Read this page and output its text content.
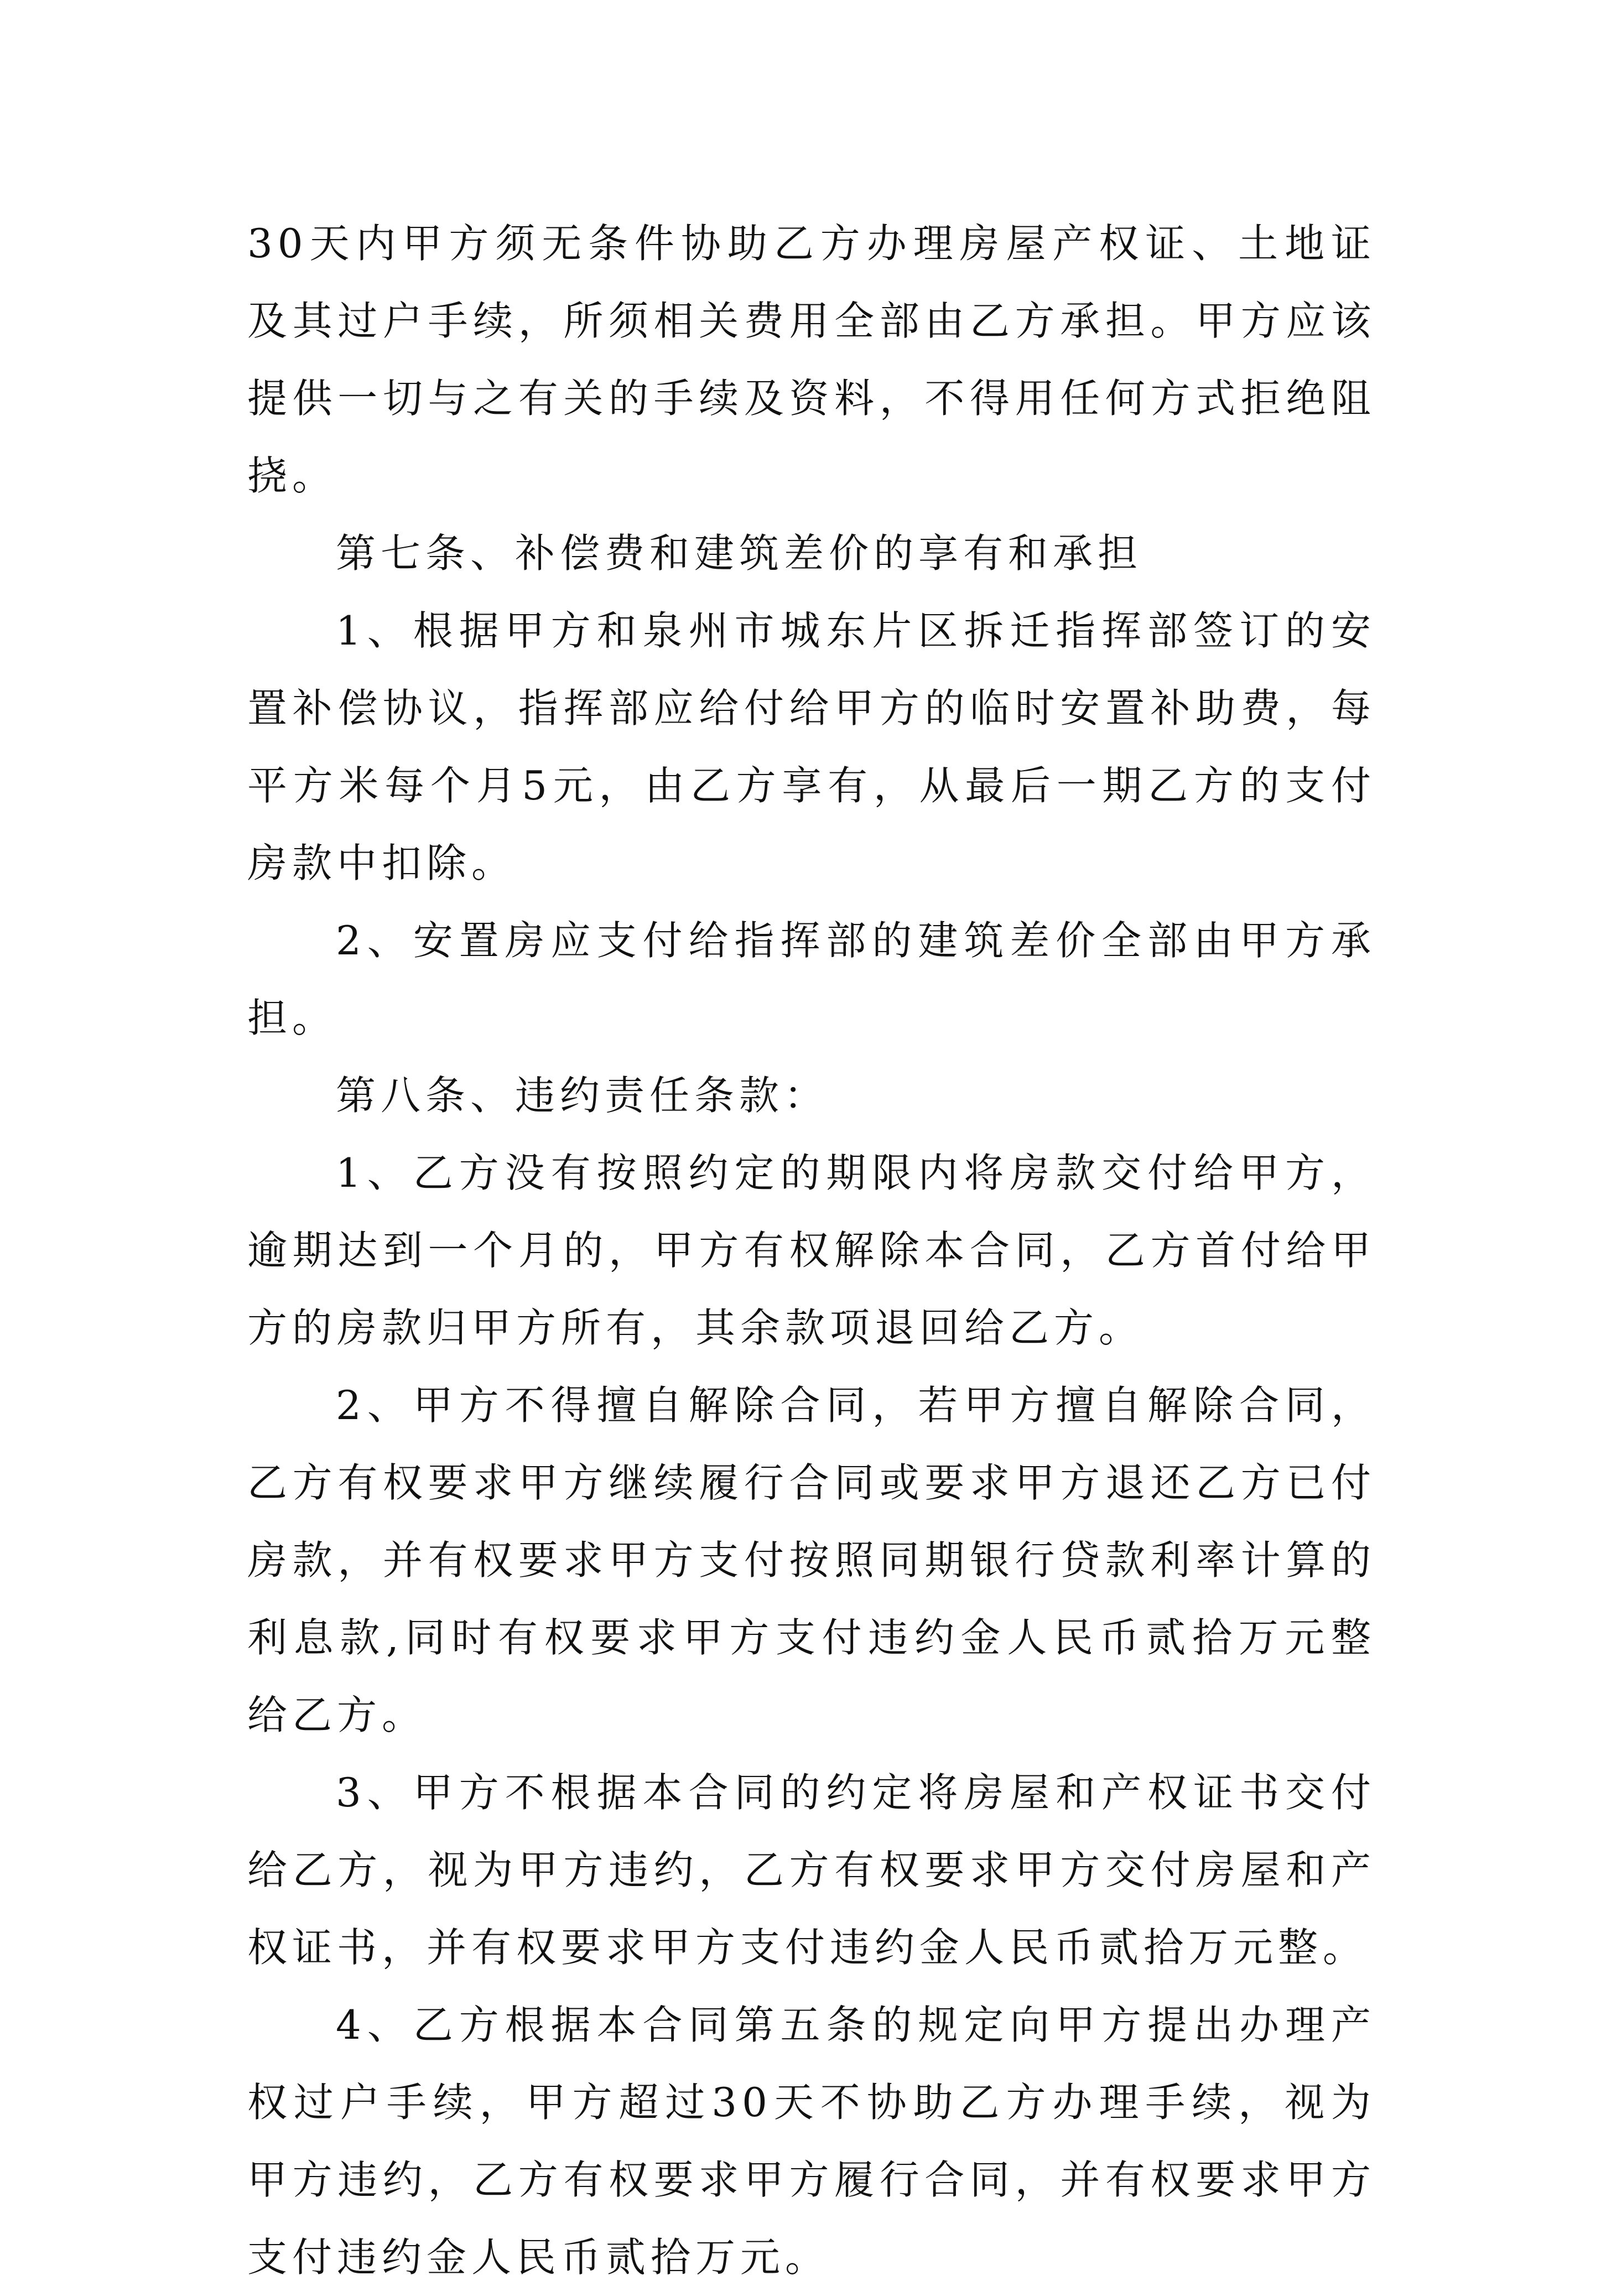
30天内甲方须无条件协助乙方办理房屋产权证、土地证及其过户手续，所须相关费用全部由乙方承担。甲方应该提供一切与之有关的手续及资料，不得用任何方式拒绝阻挠。

第七条、补偿费和建筑差价的享有和承担

1、根据甲方和泉州市城东片区拆迁指挥部签订的安置补偿协议，指挥部应给付给甲方的临时安置补助费，每平方米每个月5元，由乙方享有，从最后一期乙方的支付房款中扣除。

2、安置房应支付给指挥部的建筑差价全部由甲方承担。

第八条、违约责任条款：

1、乙方没有按照约定的期限内将房款交付给甲方，逾期达到一个月的，甲方有权解除本合同，乙方首付给甲方的房款归甲方所有，其余款项退回给乙方。

2、甲方不得擅自解除合同，若甲方擅自解除合同，乙方有权要求甲方继续履行合同或要求甲方退还乙方已付房款，并有权要求甲方支付按照同期银行贷款利率计算的利息款,同时有权要求甲方支付违约金人民币贰拾万元整给乙方。

3、甲方不根据本合同的约定将房屋和产权证书交付给乙方，视为甲方违约，乙方有权要求甲方交付房屋和产权证书，并有权要求甲方支付违约金人民币贰拾万元整。

4、乙方根据本合同第五条的规定向甲方提出办理产权过户手续，甲方超过30天不协助乙方办理手续，视为甲方违约，乙方有权要求甲方履行合同，并有权要求甲方支付违约金人民币贰拾万元。
